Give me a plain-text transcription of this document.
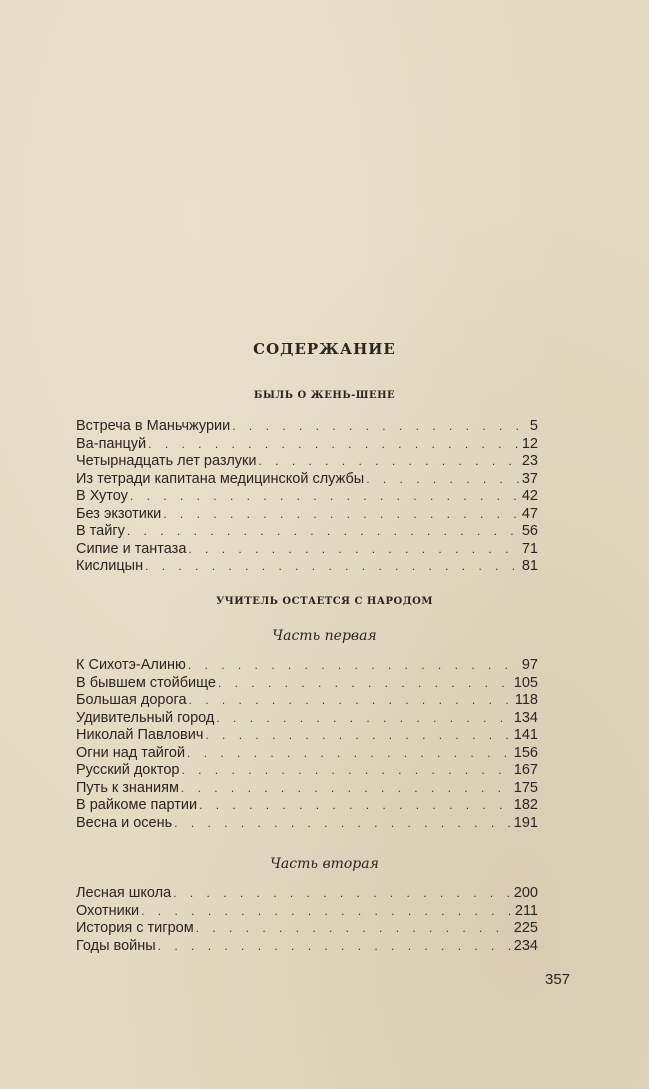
СОДЕРЖАНИЕ
БЫЛЬ О ЖЕНЬ-ШЕНЕ
Встреча в Маньчжурии . . .	5
Ва-панцуй . . .	12
Четырнадцать лет разлуки . . .	23
Из тетради капитана медицинской службы . . .	37
В Хутоу . . .	42
Без экзотики . . .	47
В тайгу . . .	56
Сипие и тантаза . . .	71
Кислицын . . .	81
УЧИТЕЛЬ ОСТАЕТСЯ С НАРОДОМ
Часть первая
К Сихотэ-Алиню . . .	97
В бывшем стойбище . . .	105
Большая дорога . . .	118
Удивительный город . . .	134
Николай Павлович . . .	141
Огни над тайгой . . .	156
Русский доктор . . .	167
Путь к знаниям . . .	175
В райкоме партии . . .	182
Весна и осень . . .	191
Часть вторая
Лесная школа . . .	200
Охотники . . .	211
История с тигром . . .	225
Годы войны . . .	234
357
